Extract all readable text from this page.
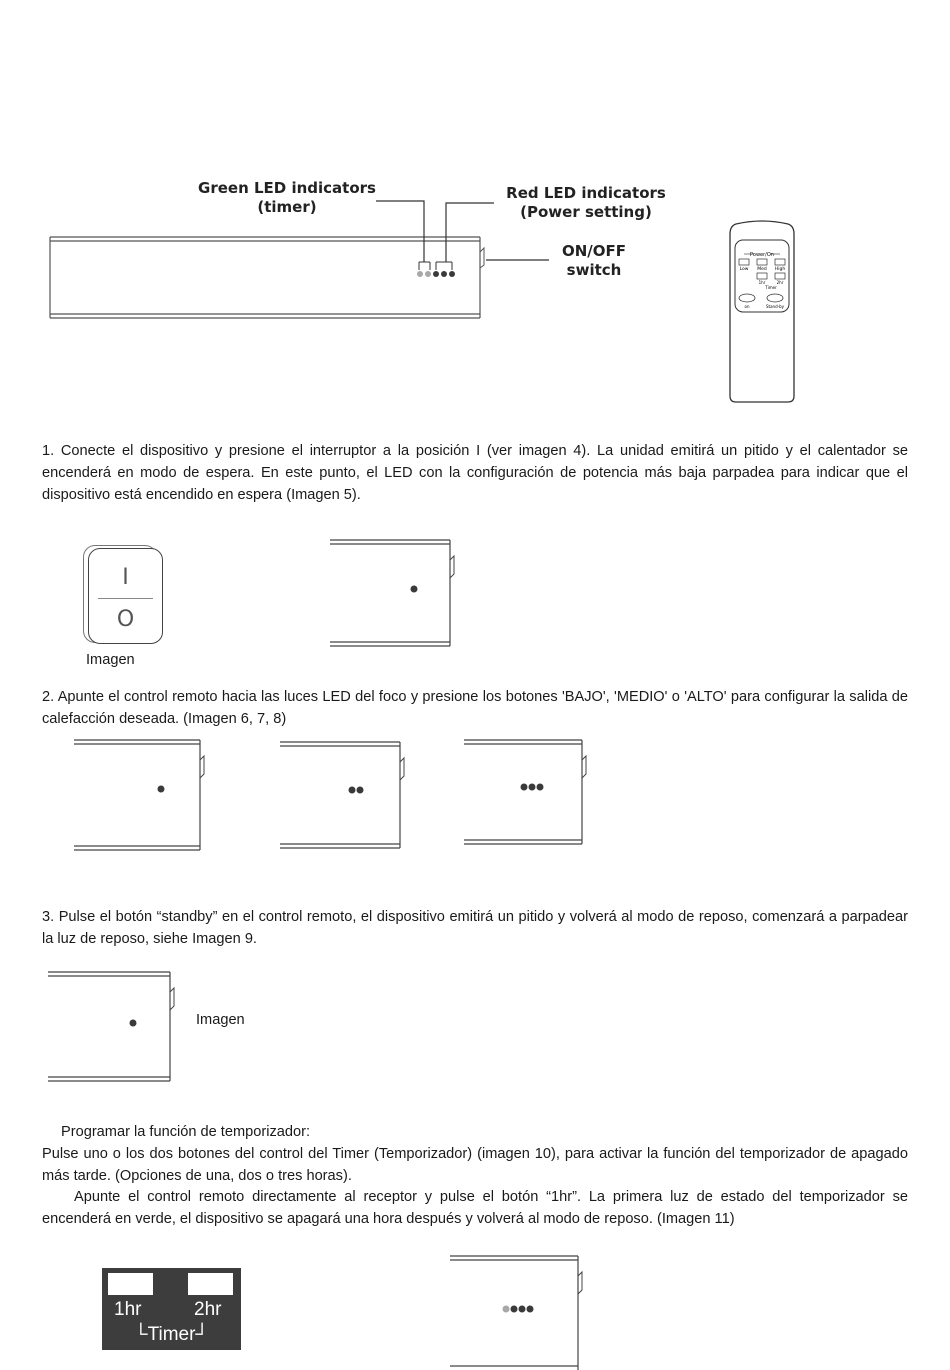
Green LED indicators
(timer)
Red LED indicators
(Power setting)
ON/OFF
switch
Power/On
Low Med High
1hr	2hr
Timer
on	Stand-by
1. Conecte el dispositivo y presione el interruptor a la posición I (ver imagen 4). La unidad emitirá un pitido y el calentador se encenderá en modo de espera. En este punto, el LED con la configuración de potencia más baja parpadea para indicar que el dispositivo está encendido en espera (Imagen 5).
I
O
Imagen
2. Apunte el control remoto hacia las luces LED del foco y presione los botones 'BAJO', 'MEDIO' o 'ALTO' para configurar la salida de calefacción deseada. (Imagen 6, 7, 8)
3. Pulse el botón “standby” en el control remoto, el dispositivo emitirá un pitido y volverá al modo de reposo, comenzará a parpadear la luz de reposo, siehe Imagen 9.
Imagen
Programar la función de temporizador:
Pulse uno o los dos botones del control del Timer (Temporizador) (imagen 10), para activar la función del temporizador de apagado más tarde. (Opciones de una, dos o tres horas).
Apunte el control remoto directamente al receptor y pulse el botón “1hr”. La primera luz de estado del temporizador se encenderá en verde, el dispositivo se apagará una hora después y volverá al modo de reposo. (Imagen 11)
1hr	2hr
└Timer┘
